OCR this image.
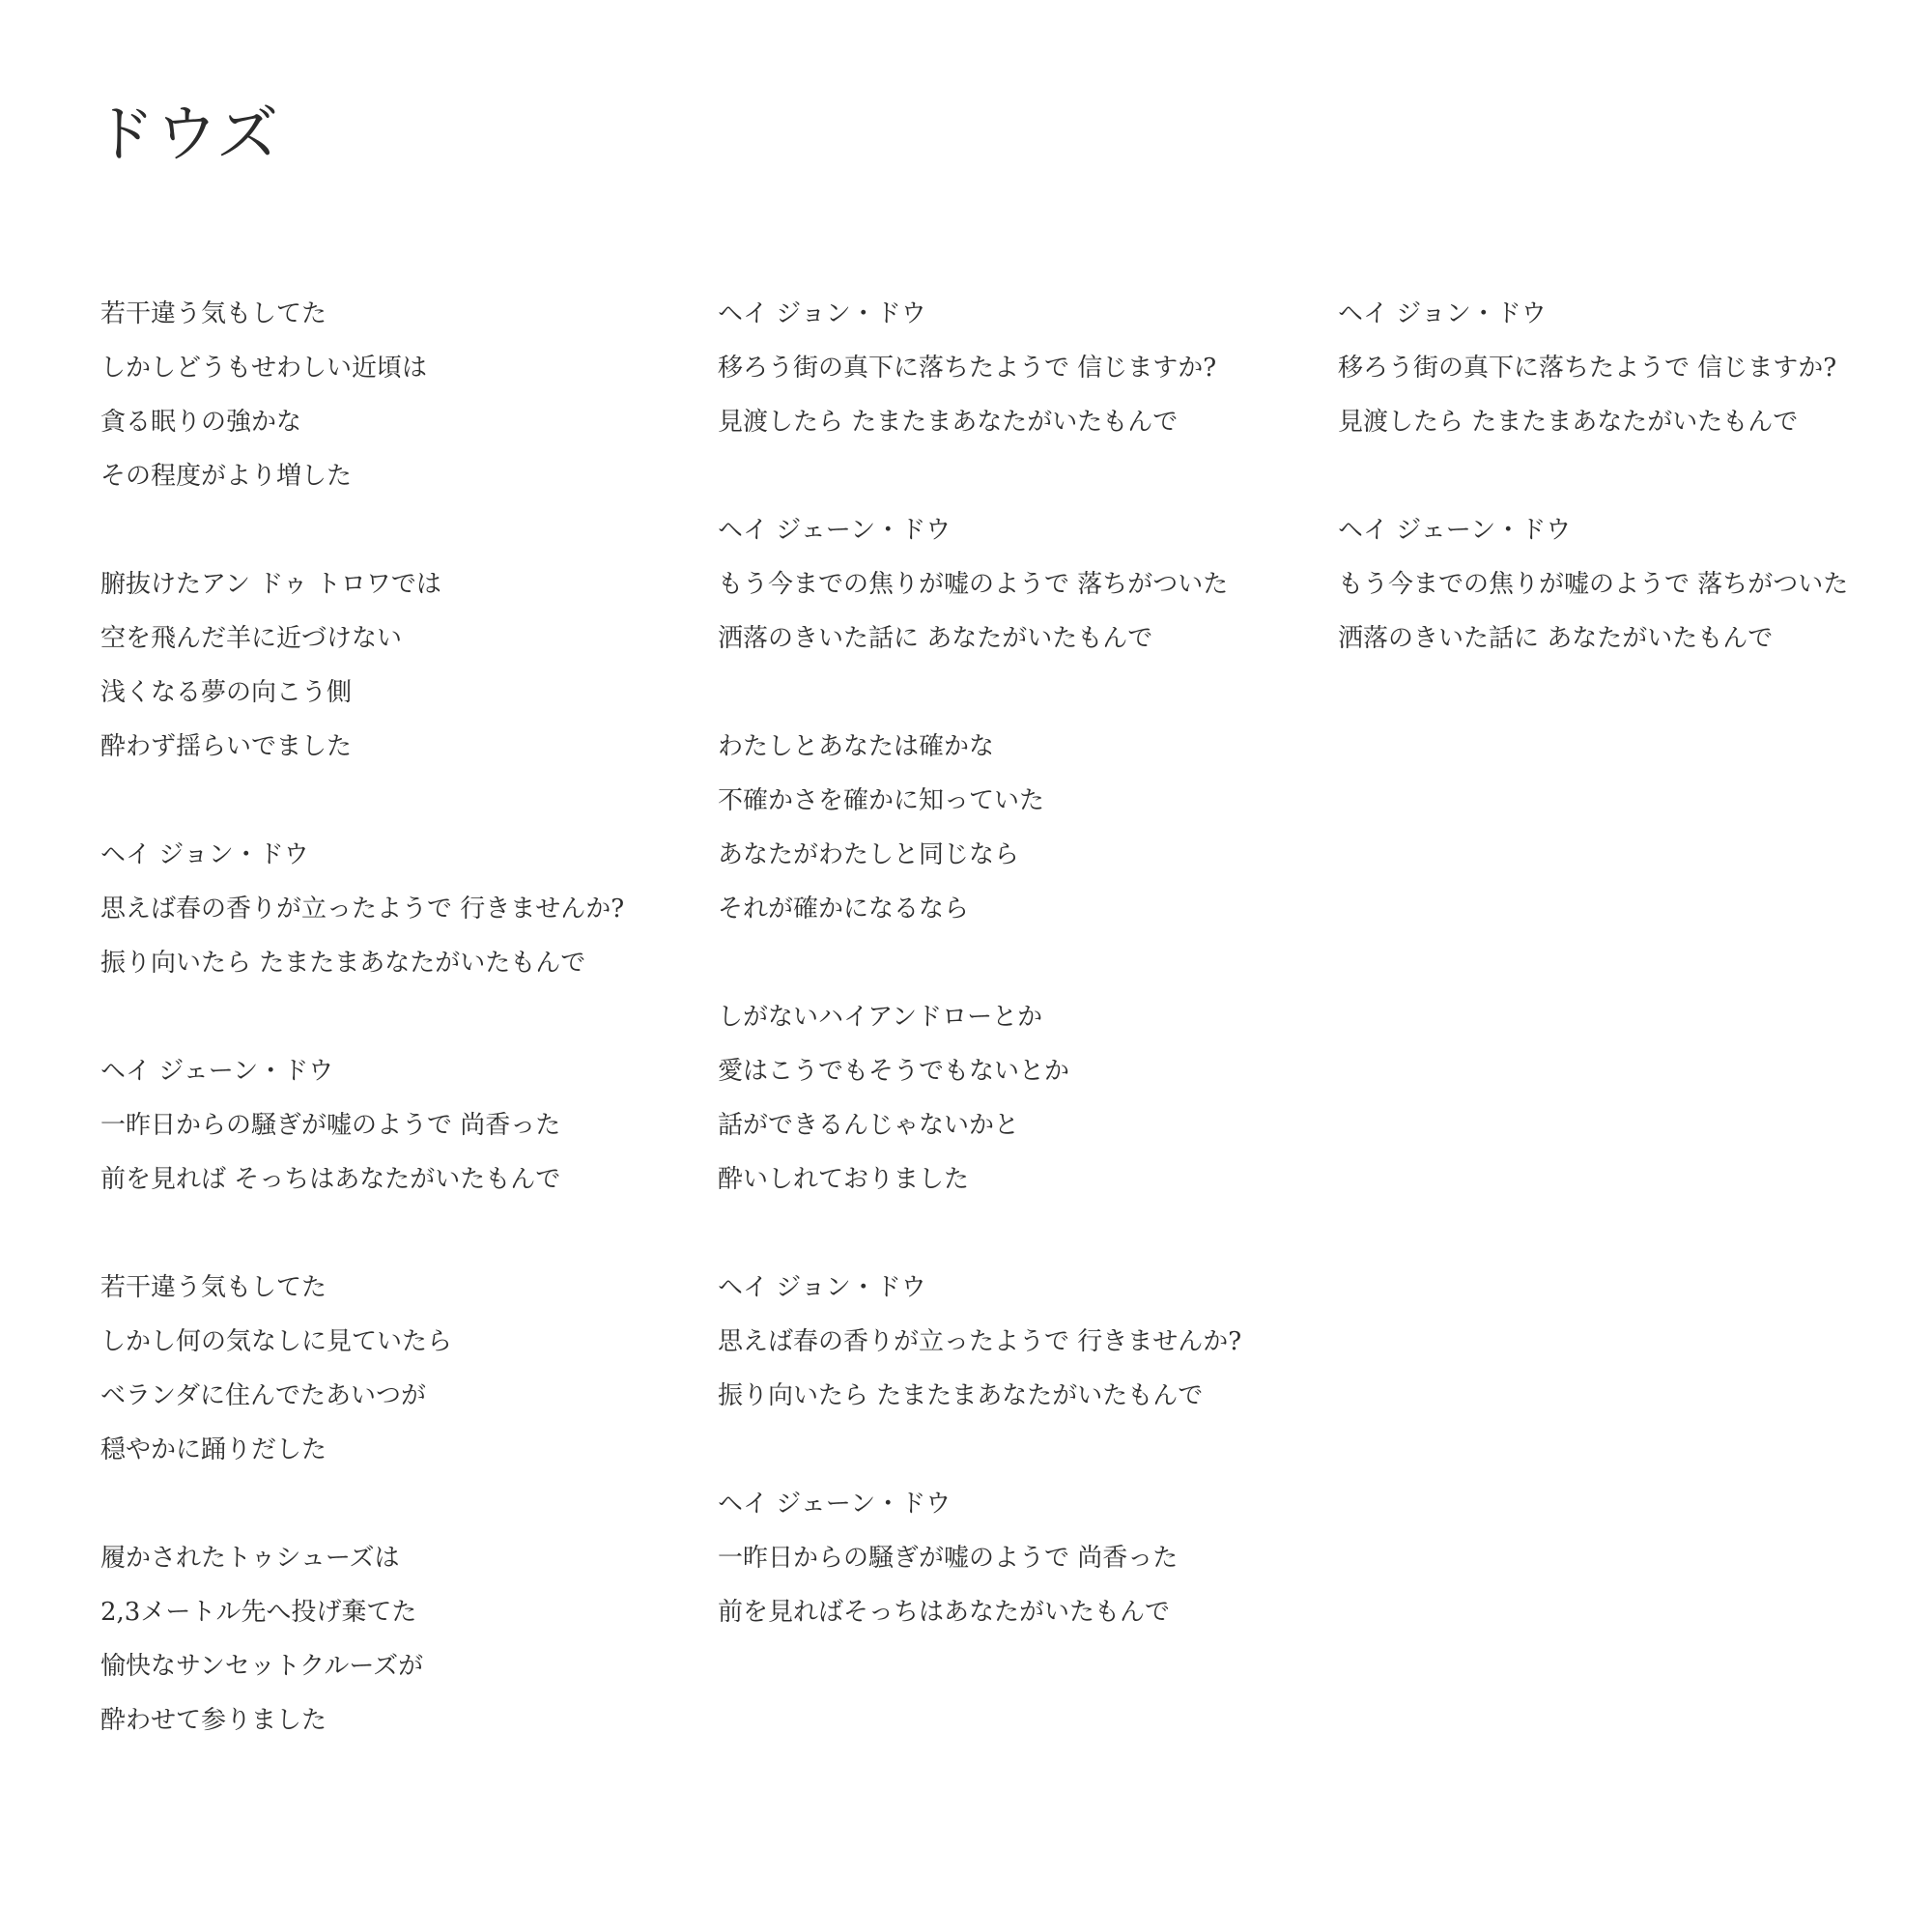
ドウズ
若干違う気もしてた
しかしどうもせわしい近頃は
貪る眠りの強かな
その程度がより増した
腑抜けたアン ドゥ トロワでは
空を飛んだ羊に近づけない
浅くなる夢の向こう側
酔わず揺らいでました
ヘイ ジョン・ドウ
思えば春の香りが立ったようで 行きませんか?
振り向いたら たまたまあなたがいたもんで
ヘイ ジェーン・ドウ
一昨日からの騒ぎが嘘のようで 尚香った
前を見れば そっちはあなたがいたもんで
若干違う気もしてた
しかし何の気なしに見ていたら
ベランダに住んでたあいつが
穏やかに踊りだした
履かされたトゥシューズは
2,3メートル先へ投げ棄てた
愉快なサンセットクルーズが
酔わせて参りました
ヘイ ジョン・ドウ
移ろう街の真下に落ちたようで 信じますか?
見渡したら たまたまあなたがいたもんで
ヘイ ジェーン・ドウ
もう今までの焦りが嘘のようで 落ちがついた
洒落のきいた話に あなたがいたもんで
わたしとあなたは確かな
不確かさを確かに知っていた
あなたがわたしと同じなら
それが確かになるなら
しがないハイアンドローとか
愛はこうでもそうでもないとか
話ができるんじゃないかと
酔いしれておりました
ヘイ ジョン・ドウ
思えば春の香りが立ったようで 行きませんか?
振り向いたら たまたまあなたがいたもんで
ヘイ ジェーン・ドウ
一昨日からの騒ぎが嘘のようで 尚香った
前を見ればそっちはあなたがいたもんで
ヘイ ジョン・ドウ
移ろう街の真下に落ちたようで 信じますか?
見渡したら たまたまあなたがいたもんで
ヘイ ジェーン・ドウ
もう今までの焦りが嘘のようで 落ちがついた
洒落のきいた話に あなたがいたもんで
